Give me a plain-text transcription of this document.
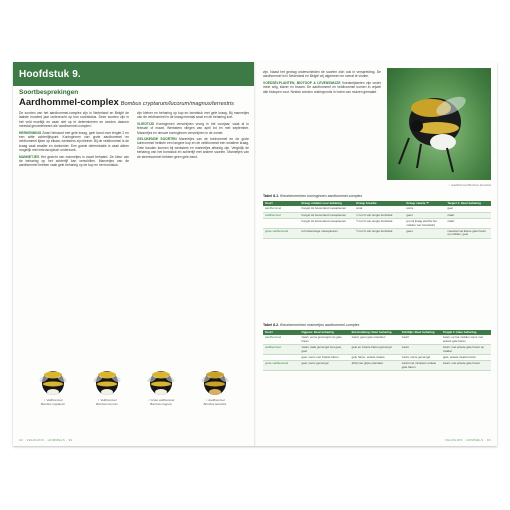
Hoofdstuk 9.
Soortbesprekingen
Aardhommel-complex Bombus cryptarum/lucorum/magnus/terrestris

De soorten van het aardhommel-complex zijn in Nederland en België de laatste honderd jaar onderzocht op hun soortstatus. Deze soorten zijn in het veld moeilijk en vaak niet op te determineren en worden daarom meestal gecombineerd als 'aardhommel-complex'.

HERKENNING Zwart behaard met gele kraag, gele band over tergiet 2 en een witte achterlijfspunt. Koninginnen van grote aardhommel en veldhommel lijken op elkaar, werksters zijn kleiner. Bij de veldhommel is de kraag vaak smaller en donkerder. Een goede determinatie is vaak alleen mogelijk met microscopisch onderzoek.

MANNETJES Het gezicht van mannetjes is zwart behaard. De kleur van de beharing op het achterlijf kan verschillen. Mannetjes van de aardhommel hebben vaak gele beharing op de kop en het borststuk.

zijn kleiner en beharing op kop en borststuk met gele kraag. Bij mannetjes van de veldhommel is de kraag meestal smal en de beharing kort.

VLIEGTIJD Koninginnen verschijnen vroeg in het voorjaar, vaak al in februari of maart. Werksters vliegen van april tot en met september. Mannetjes en nieuwe koninginnen verschijnen in de zomer.

GELIJKENDE SOORTEN Mannetjes van de tuinhommel en de grote tuinhommel hebben een langere kop en de veldhommel een smallere kraag. Gele banden kunnen bij werksters en mannetjes afwezig zijn. Vergelijk de beharing van het borststuk en achterlijf met andere soorten. Mannetjes van de steenhommel hebben geen gele band.

♀ Veldhommel
Bombus cryptarum
♀ Veldhommel
Bombus lucorum
♀ Grote veldhommel
Bombus magnus
♀ Aardhommel
Bombus terrestris
92 · VELDGIDS · HOMMELS · 93

zijn. Naast het gedrag onderscheiden de soorten zich ook in verspreiding. De aardhommel is in Nederland en België vrij algemeen en overal te vinden.

VOEDSELPLANTEN, BIOTOOP & LEVENSWIJZE Voedselplanten zijn onder meer wilg, klaver en braam. De aardhommel en veldhommel komen in vrijwel alle biotopen voor. Nesten worden ondergronds in holen van muizen gemaakt.

♂ Aardhommel Bombus terrestris
Tabel 8.1. Kleurkenmerken koninginnen aardhommel-complex
Soort	Kraag: midden voor beharing	Kraag: breedte	Kraag: zwarte 'T'	Tergiet 1: kleur beharing
aardhommel	hoogst tot bovenrand mesopleuren	smal	soms	geel
veldhommel	hoogst tot bovenrand mesopleuren	¾ tot ⅔ van lengte borststuk	geen	zwart
	hoogst tot bovenrand mesopleuren	½ tot ⅔ van lengte borststuk	ja (vrij kraag slechts het midden van borststuk)	zwart
grote veldhommel	tot halverwege mesopleuren	½ tot ⅔ van lengte borststuk	geen	meestal met kleine gele haren op midden, geel
Tabel 8.2. Kleurkenmerken mannetjes aardhommel-complex
Soort	Ogpees: kleur beharing	Borststukrug: kleur beharing	Schildje: kleur beharing	Tergiet 1: kleur beharing
aardhommel	zwart, soms gemengd met gele haren	zwart, geen gele uiteinden	zwart	zwart, op het midden soms met enkele gele haren
veldhommel	zwart, vaak gemengd met geel, geel	gele en zwarte haren gemengd	zwart	zwart, met enkele gele haren op midden
	geel, soms met zwarte haren	gele haren, enkele zwarte	zwart, soms gemengd	geel, enkele zwarte haren
grote veldhommel	geel, soms gemengd	afzijl met grijze uiteinden	zwart met minstens enkele gele haren	zwart, met enkele gele haren
VELDGIDS · HOMMELS · 93
